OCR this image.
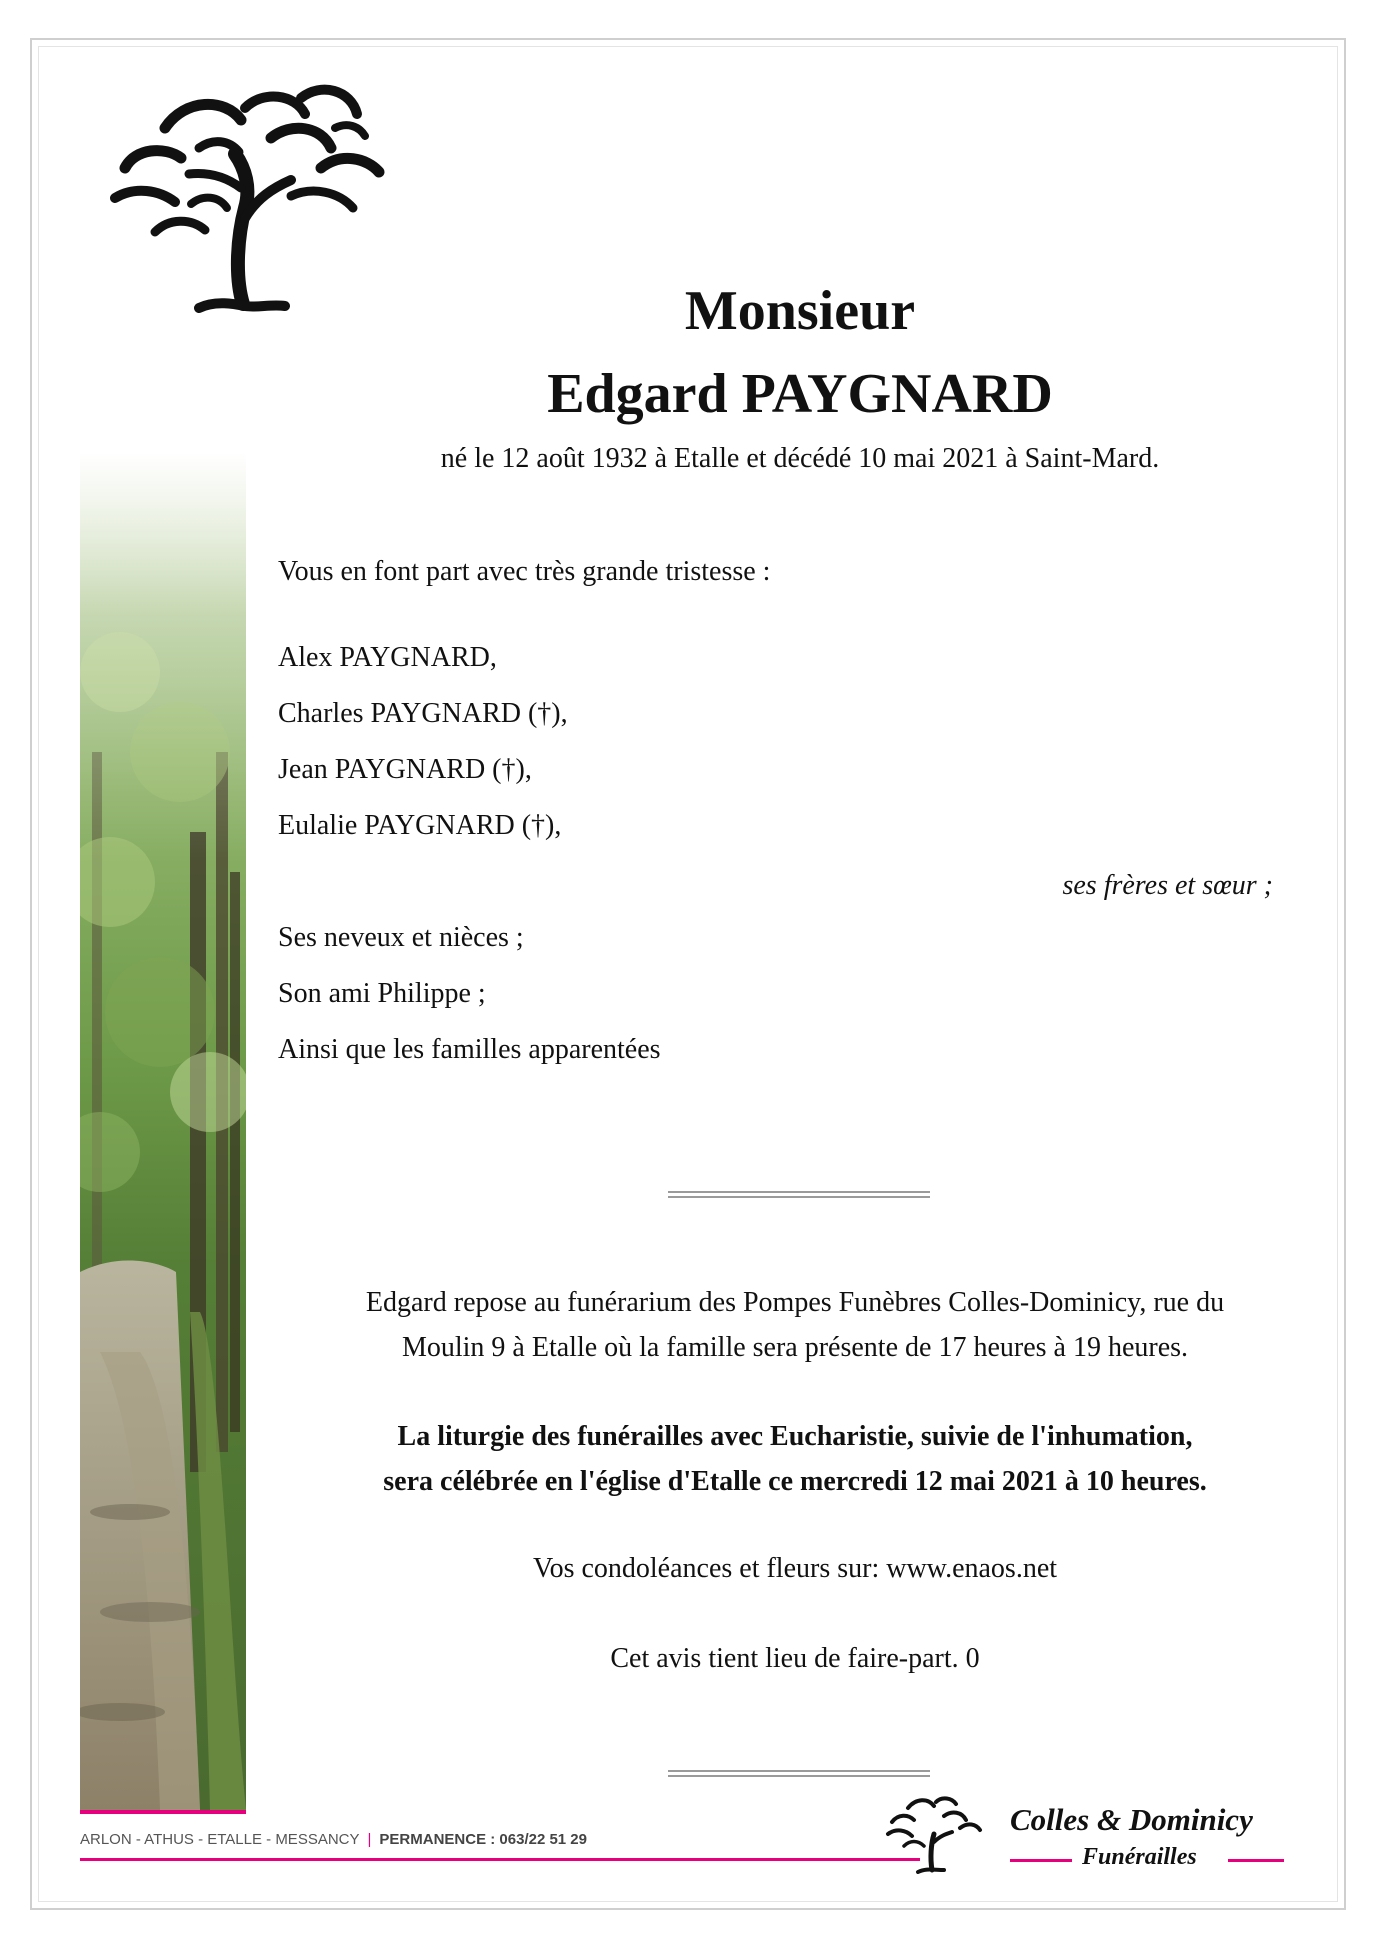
Monsieur
Edgard PAYGNARD
né le 12 août 1932 à Etalle et décédé 10 mai 2021 à Saint-Mard.
Vous en font part avec très grande tristesse :
Alex PAYGNARD,
Charles PAYGNARD (†),
Jean PAYGNARD (†),
Eulalie PAYGNARD (†),
ses frères et sœur ;
Ses neveux et nièces ;
Son ami Philippe ;
Ainsi que les familles apparentées
Edgard repose au funérarium des Pompes Funèbres Colles-Dominicy, rue du
Moulin 9 à Etalle où la famille sera présente de 17 heures à 19 heures.
La liturgie des funérailles avec Eucharistie, suivie de l'inhumation,
sera célébrée en l'église d'Etalle ce mercredi 12 mai 2021 à 10 heures.
Vos condoléances et fleurs sur: www.enaos.net
Cet avis tient lieu de faire-part. 0
ARLON - ATHUS - ETALLE - MESSANCY | PERMANENCE : 063/22 51 29
Colles & Dominicy
Funérailles
